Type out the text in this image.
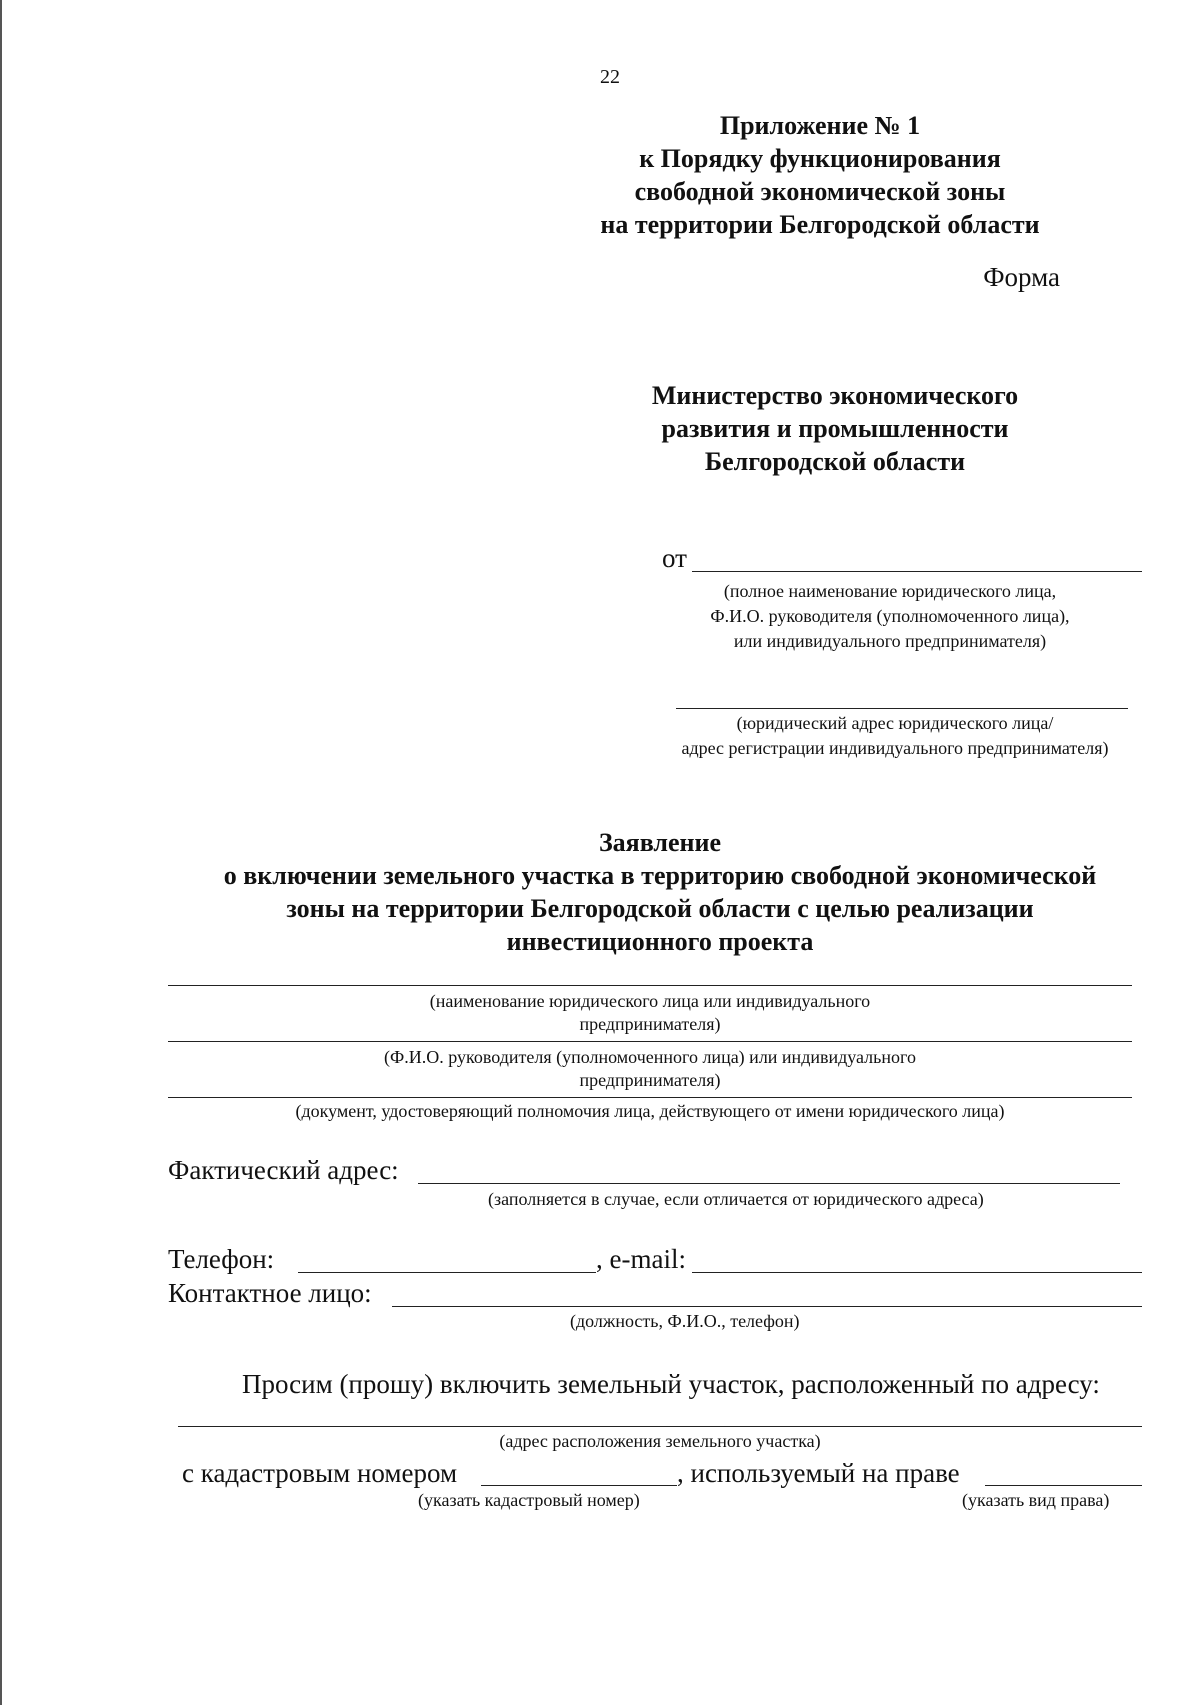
22
Приложение № 1
к Порядку функционирования
свободной экономической зоны
на территории Белгородской области
Форма
Министерство экономического
развития и промышленности
Белгородской области
от
(полное наименование юридического лица,
Ф.И.О. руководителя (уполномоченного лица),
или индивидуального предпринимателя)
(юридический адрес юридического лица/
адрес регистрации индивидуального предпринимателя)
Заявление
о включении земельного участка в территорию свободной экономической
зоны на территории Белгородской области с целью реализации
инвестиционного проекта
(наименование юридического лица или индивидуального
предпринимателя)
(Ф.И.О. руководителя (уполномоченного лица) или индивидуального
предпринимателя)
(документ, удостоверяющий полномочия лица, действующего от имени юридического лица)
Фактический адрес:
(заполняется в случае, если отличается от юридического адреса)
Телефон:	, e-mail:
Контактное лицо:
(должность, Ф.И.О., телефон)
Просим (прошу) включить земельный участок, расположенный по адресу:
(адрес расположения земельного участка)
с кадастровым номером	, используемый на праве
(указать кадастровый номер)	(указать вид права)
